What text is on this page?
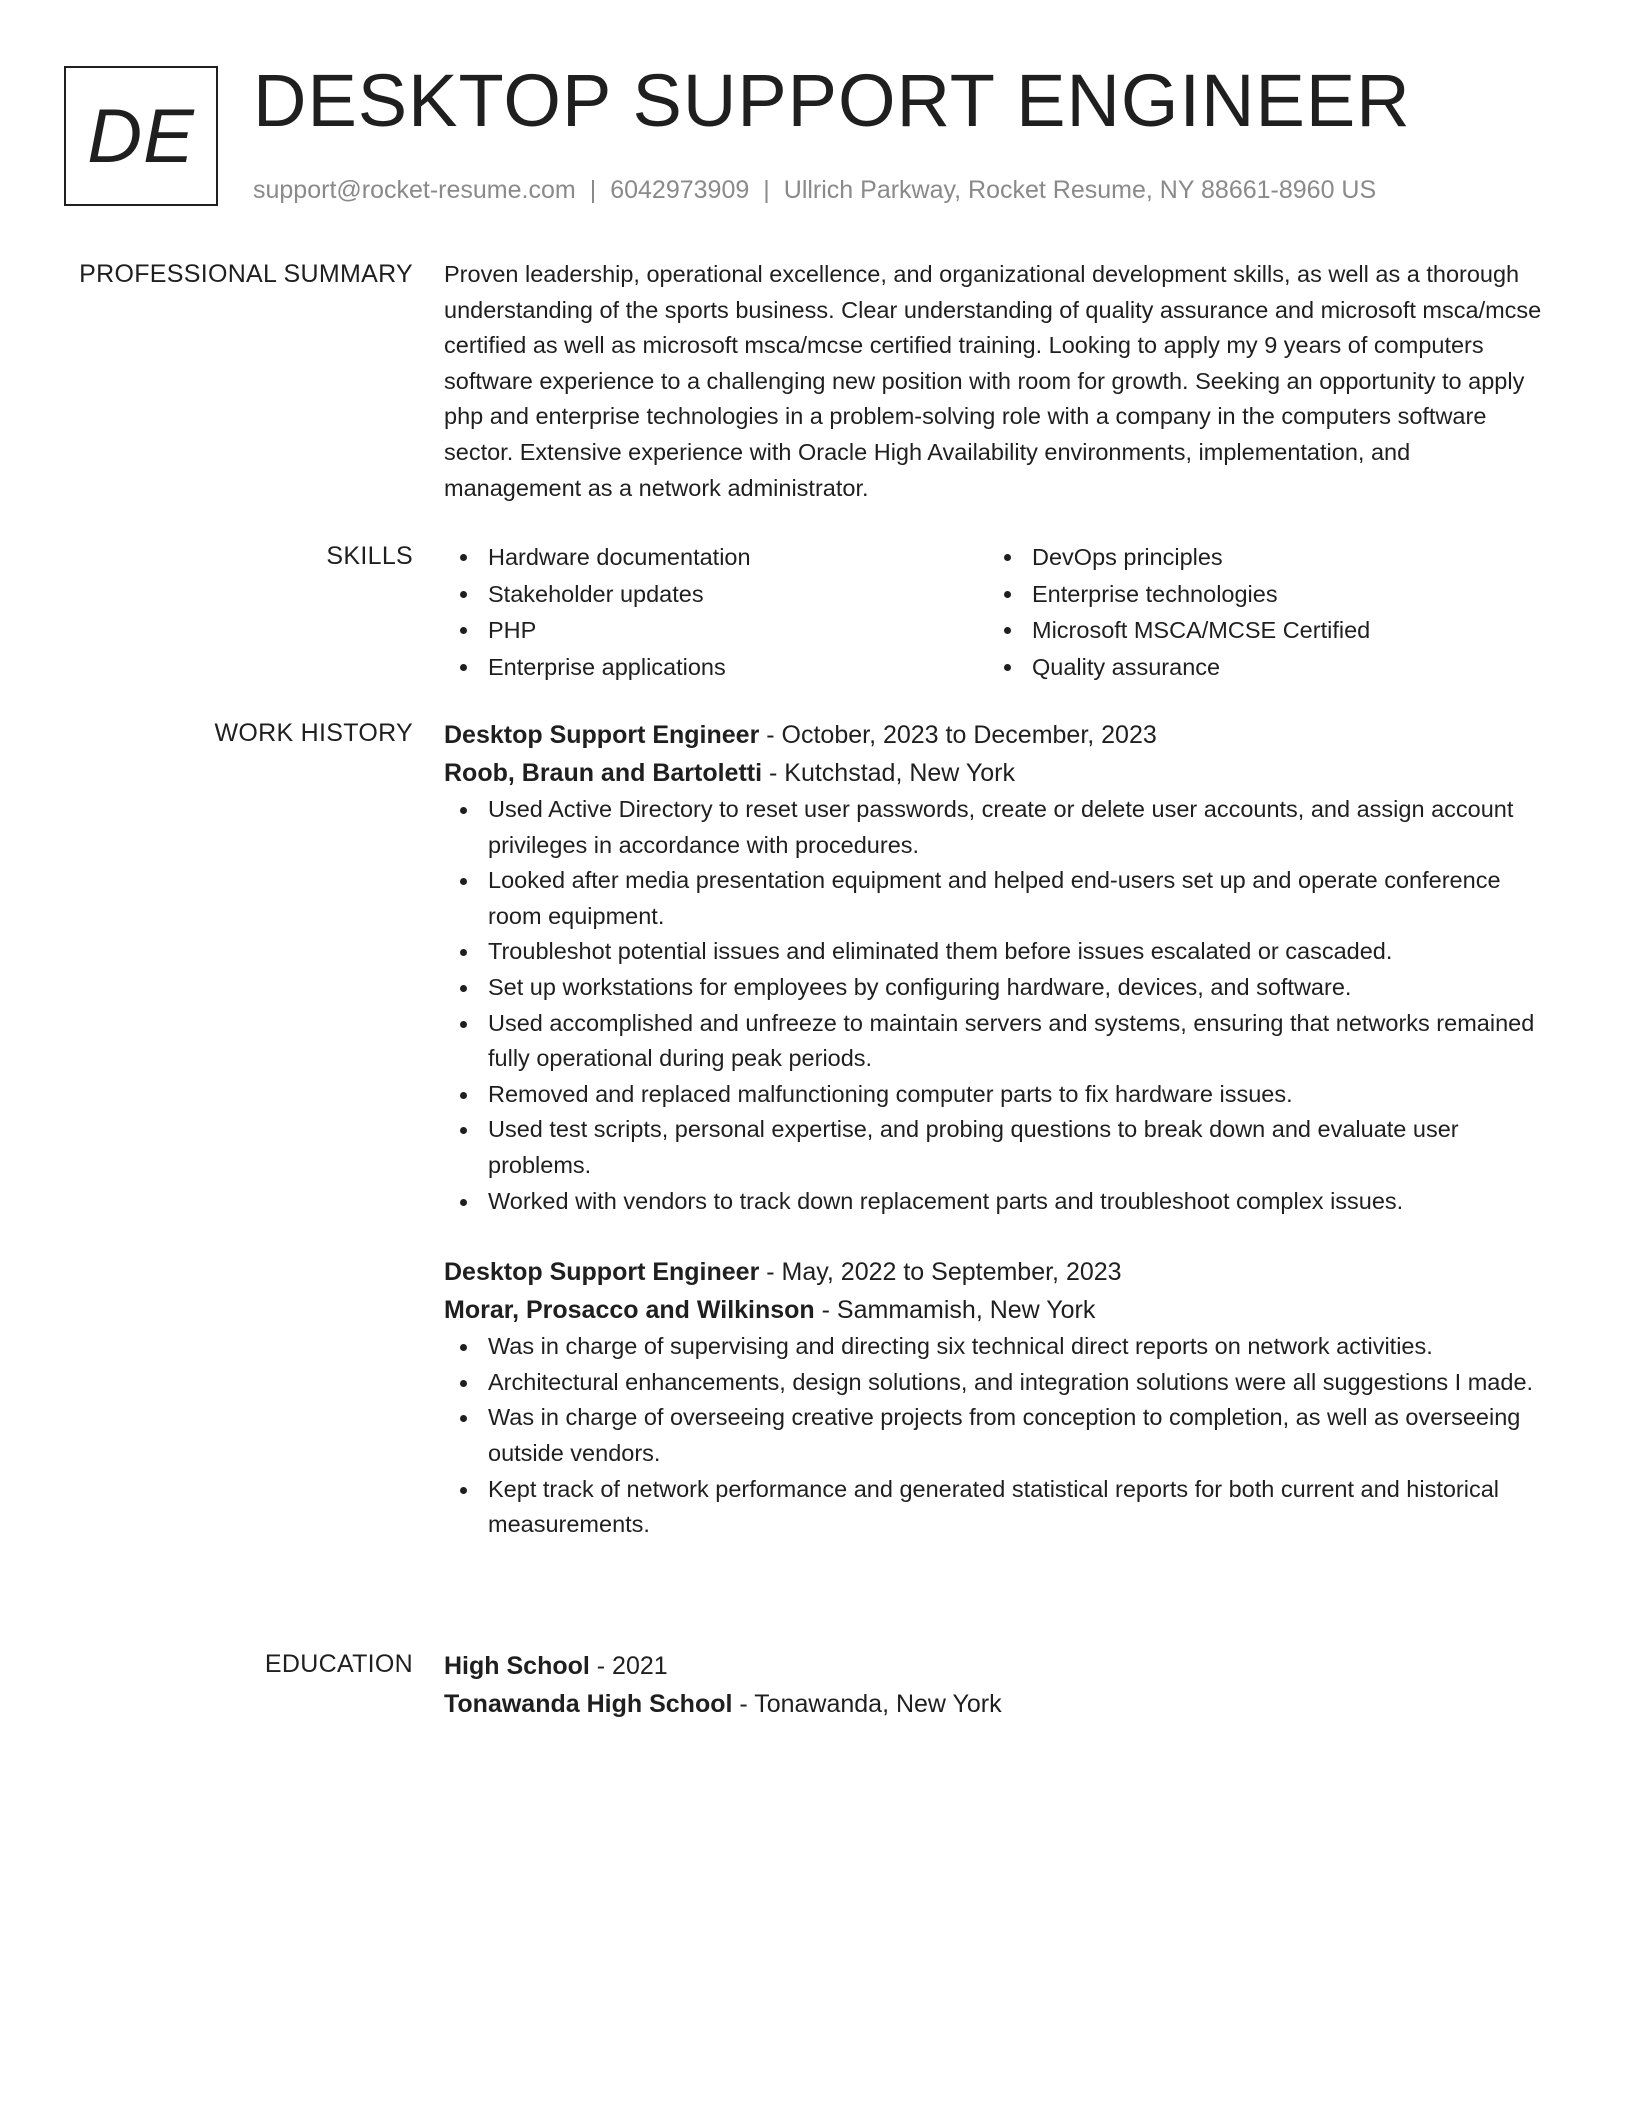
DE DESKTOP SUPPORT ENGINEER
support@rocket-resume.com | 6042973909 | Ullrich Parkway, Rocket Resume, NY 88661-8960 US
PROFESSIONAL SUMMARY Proven leadership, operational excellence, and organizational development skills, as well as a thorough understanding of the sports business. Clear understanding of quality assurance and microsoft msca/mcse certified as well as microsoft msca/mcse certified training. Looking to apply my 9 years of computers software experience to a challenging new position with room for growth. Seeking an opportunity to apply php and enterprise technologies in a problem-solving role with a company in the computers software sector. Extensive experience with Oracle High Availability environments, implementation, and management as a network administrator.

SKILLS	Hardware documentation
Stakeholder updates
PHP
Enterprise applications
DevOps principles
Enterprise technologies
Microsoft MSCA/MCSE Certified
Quality assurance
WORK HISTORY Desktop Support Engineer - October, 2023 to December, 2023
Roob, Braun and Bartoletti - Kutchstad, New York
Used Active Directory to reset user passwords, create or delete user accounts, and assign account privileges in accordance with procedures.
Looked after media presentation equipment and helped end-users set up and operate conference room equipment.
Troubleshot potential issues and eliminated them before issues escalated or cascaded.
Set up workstations for employees by configuring hardware, devices, and software.
Used accomplished and unfreeze to maintain servers and systems, ensuring that networks remained fully operational during peak periods.
Removed and replaced malfunctioning computer parts to fix hardware issues.
Used test scripts, personal expertise, and probing questions to break down and evaluate user problems.
Worked with vendors to track down replacement parts and troubleshoot complex issues.
Desktop Support Engineer - May, 2022 to September, 2023
Morar, Prosacco and Wilkinson - Sammamish, New York
Was in charge of supervising and directing six technical direct reports on network activities.
Architectural enhancements, design solutions, and integration solutions were all suggestions I made.
Was in charge of overseeing creative projects from conception to completion, as well as overseeing outside vendors.
Kept track of network performance and generated statistical reports for both current and historical measurements.
EDUCATION High School - 2021
Tonawanda High School - Tonawanda, New York
